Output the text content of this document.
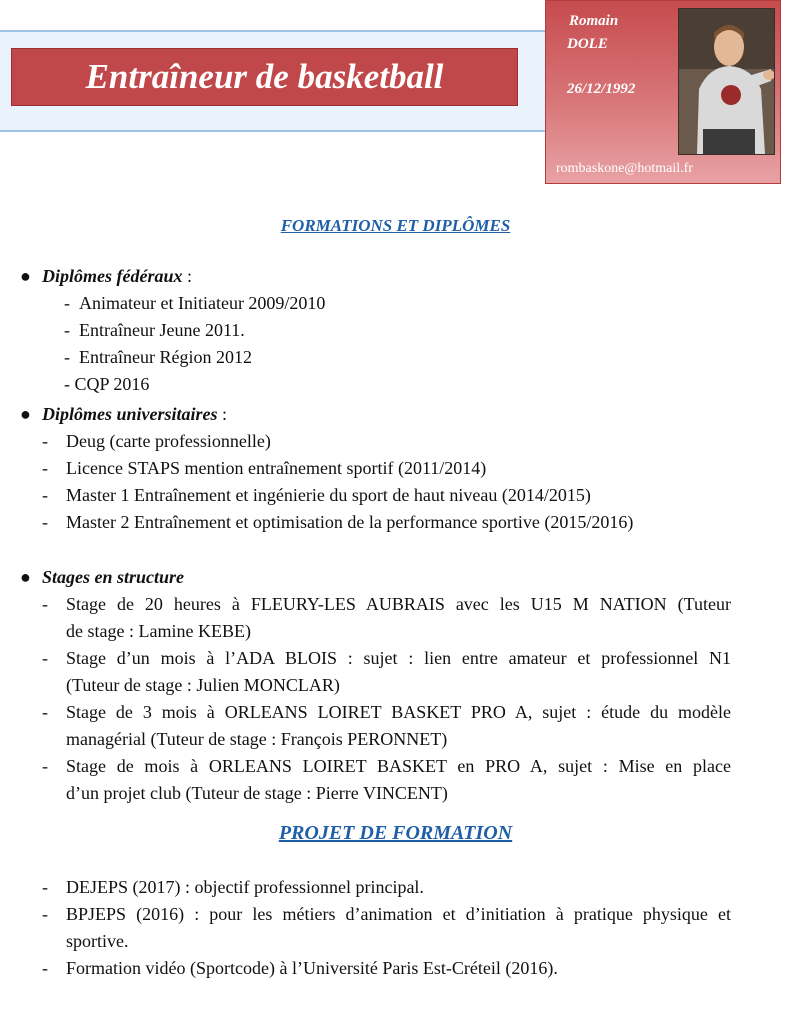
Entraîneur de basketball
Romain
DOLE
26/12/1992
rombaskone@hotmail.fr
FORMATIONS ET DIPLÔMES
● Diplômes fédéraux :
-  Animateur et Initiateur 2009/2010
-  Entraîneur Jeune 2011.
-  Entraîneur Région 2012
- CQP 2016
● Diplômes universitaires :
- Deug (carte professionnelle)
- Licence STAPS mention entraînement sportif (2011/2014)
- Master 1 Entraînement et ingénierie du sport de haut niveau (2014/2015)
- Master 2 Entraînement et optimisation de la performance sportive (2015/2016)
● Stages en structure
- Stage de 20 heures à FLEURY-LES AUBRAIS avec les U15 M NATION (Tuteur
de stage : Lamine KEBE)
- Stage d’un mois à l’ADA BLOIS : sujet : lien entre amateur et professionnel N1
(Tuteur de stage : Julien MONCLAR)
- Stage de 3 mois à ORLEANS LOIRET BASKET PRO A, sujet : étude du modèle
managérial (Tuteur de stage : François PERONNET)
- Stage de mois à ORLEANS LOIRET BASKET en PRO A, sujet : Mise en place
d’un projet club (Tuteur de stage : Pierre VINCENT)
PROJET DE FORMATION
- DEJEPS (2017) : objectif professionnel principal.
- BPJEPS (2016) : pour les métiers d’animation et d’initiation à pratique physique et
sportive.
- Formation vidéo (Sportcode) à l’Université Paris Est-Créteil (2016).
